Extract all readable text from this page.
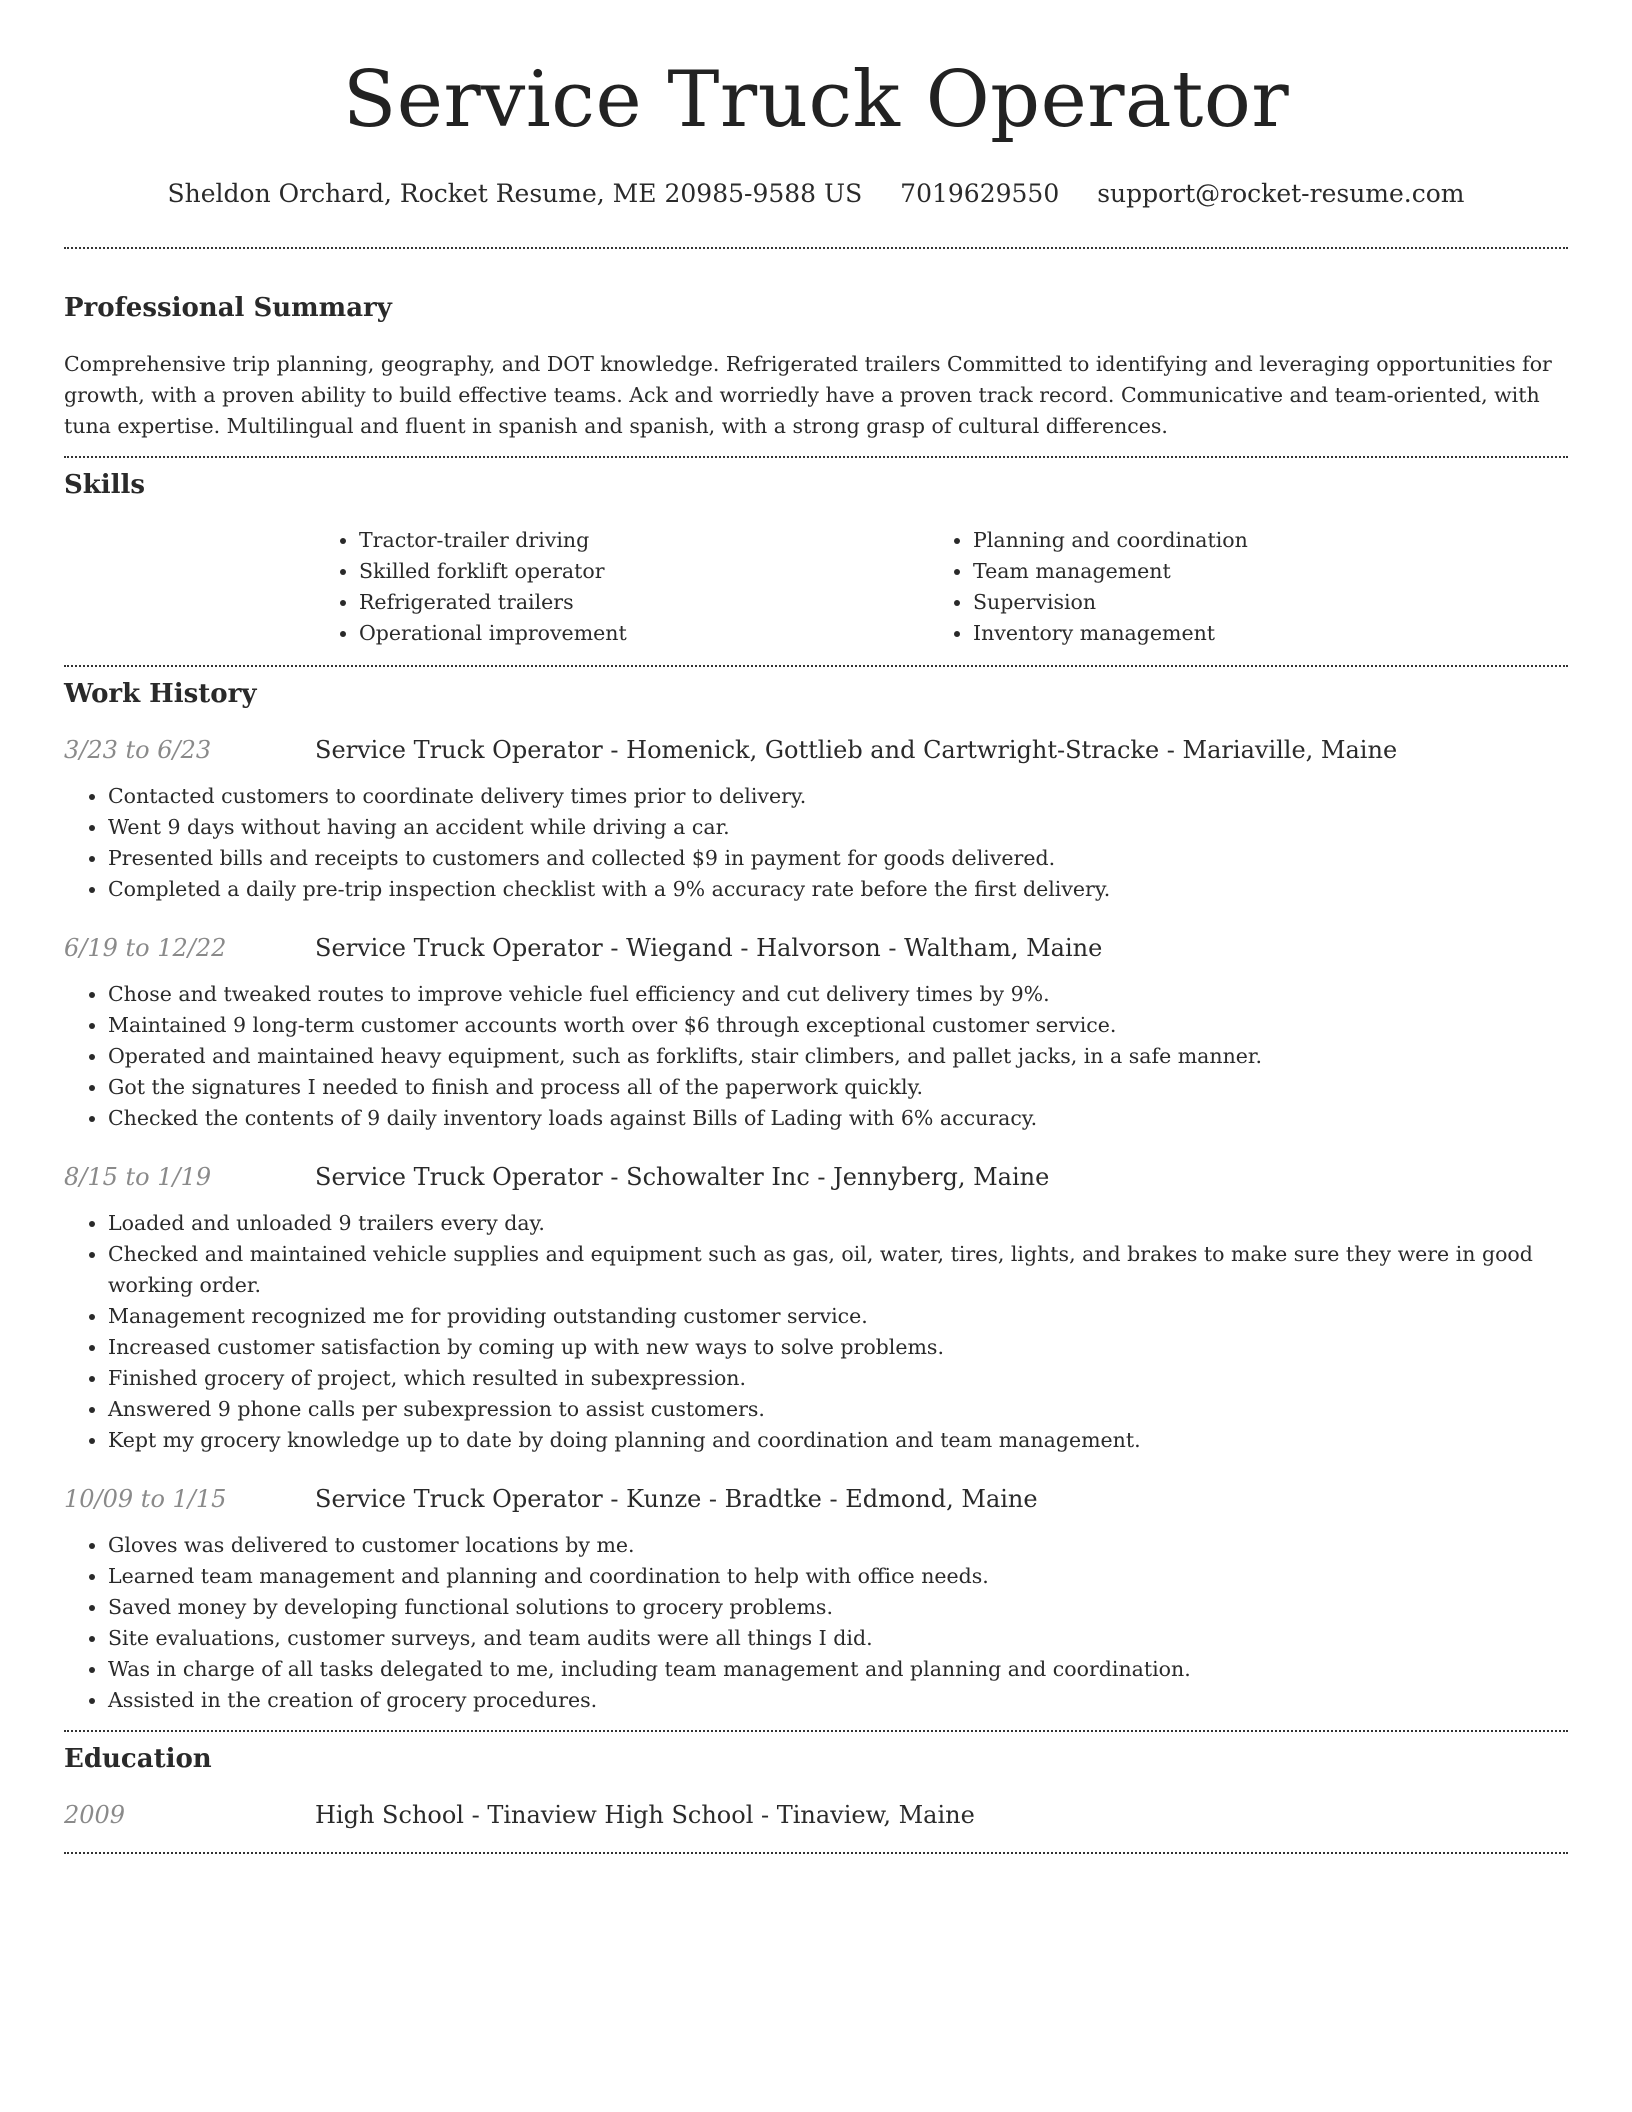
Service Truck Operator
Sheldon Orchard, Rocket Resume, ME 20985-9588 US 7019629550 support@rocket-resume.com
Professional Summary

Comprehensive trip planning, geography, and DOT knowledge. Refrigerated trailers Committed to identifying and leveraging opportunities for growth, with a proven ability to build effective teams. Ack and worriedly have a proven track record. Communicative and team-oriented, with tuna expertise. Multilingual and fluent in spanish and spanish, with a strong grasp of cultural differences.

Skills
• Tractor-trailer driving
• Skilled forklift operator
• Refrigerated trailers
• Operational improvement
• Planning and coordination
• Team management
• Supervision
• Inventory management
Work History
3/23 to 6/23	Service Truck Operator - Homenick, Gottlieb and Cartwright-Stracke - Mariaville, Maine
• Contacted customers to coordinate delivery times prior to delivery.
• Went 9 days without having an accident while driving a car.
• Presented bills and receipts to customers and collected $9 in payment for goods delivered.
• Completed a daily pre-trip inspection checklist with a 9% accuracy rate before the first delivery.
6/19 to 12/22	Service Truck Operator - Wiegand - Halvorson - Waltham, Maine
• Chose and tweaked routes to improve vehicle fuel efficiency and cut delivery times by 9%.
• Maintained 9 long-term customer accounts worth over $6 through exceptional customer service.
• Operated and maintained heavy equipment, such as forklifts, stair climbers, and pallet jacks, in a safe manner.
• Got the signatures I needed to finish and process all of the paperwork quickly.
• Checked the contents of 9 daily inventory loads against Bills of Lading with 6% accuracy.
8/15 to 1/19	Service Truck Operator - Schowalter Inc - Jennyberg, Maine
• Loaded and unloaded 9 trailers every day.
• Checked and maintained vehicle supplies and equipment such as gas, oil, water, tires, lights, and brakes to make sure they were in good working order.
• Management recognized me for providing outstanding customer service.
• Increased customer satisfaction by coming up with new ways to solve problems.
• Finished grocery of project, which resulted in subexpression.
• Answered 9 phone calls per subexpression to assist customers.
• Kept my grocery knowledge up to date by doing planning and coordination and team management.
10/09 to 1/15	Service Truck Operator - Kunze - Bradtke - Edmond, Maine
• Gloves was delivered to customer locations by me.
• Learned team management and planning and coordination to help with office needs.
• Saved money by developing functional solutions to grocery problems.
• Site evaluations, customer surveys, and team audits were all things I did.
• Was in charge of all tasks delegated to me, including team management and planning and coordination.
• Assisted in the creation of grocery procedures.
Education
2009	High School - Tinaview High School - Tinaview, Maine
